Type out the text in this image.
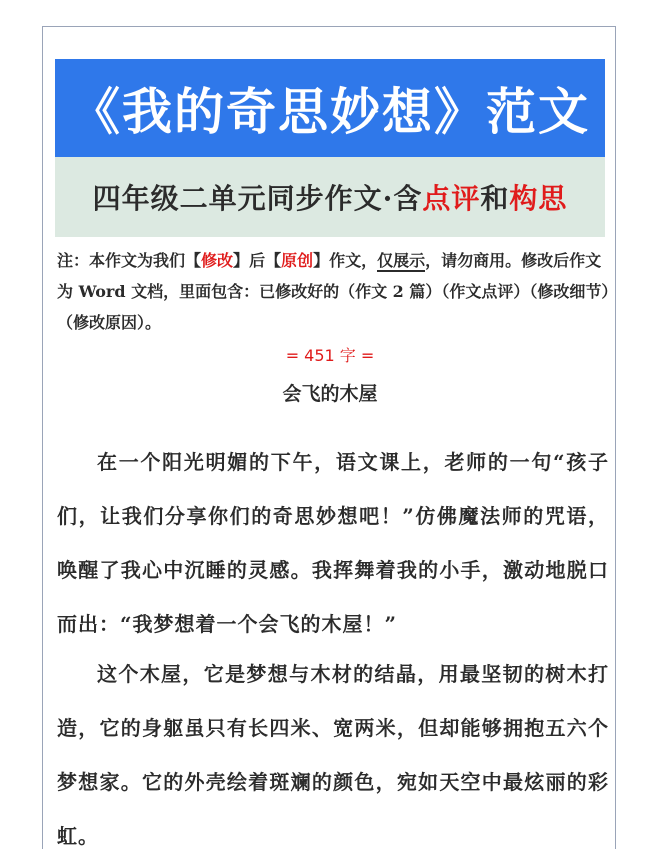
《我的奇思妙想》范文
四年级二单元同步作文·含 点评 和 构思
注：本作文为我们【修改】后【原创】作文，仅展示，请勿商用。修改后作文为 Word 文档，里面包含：已修改好的（作文 2 篇）（作文点评）（修改细节）（修改原因）。
= 451 字 =
会飞的木屋
在一个阳光明媚的下午，语文课上，老师的一句“孩子们，让我们分享你们的奇思妙想吧！”仿佛魔法师的咒语，唤醒了我心中沉睡的灵感。我挥舞着我的小手，激动地脱口而出：“我梦想着一个会飞的木屋！”
这个木屋，它是梦想与木材的结晶，用最坚韧的树木打造，它的身躯虽只有长四米、宽两米，但却能够拥抱五六个梦想家。它的外壳绘着斑斓的颜色，宛如天空中最炫丽的彩虹。
